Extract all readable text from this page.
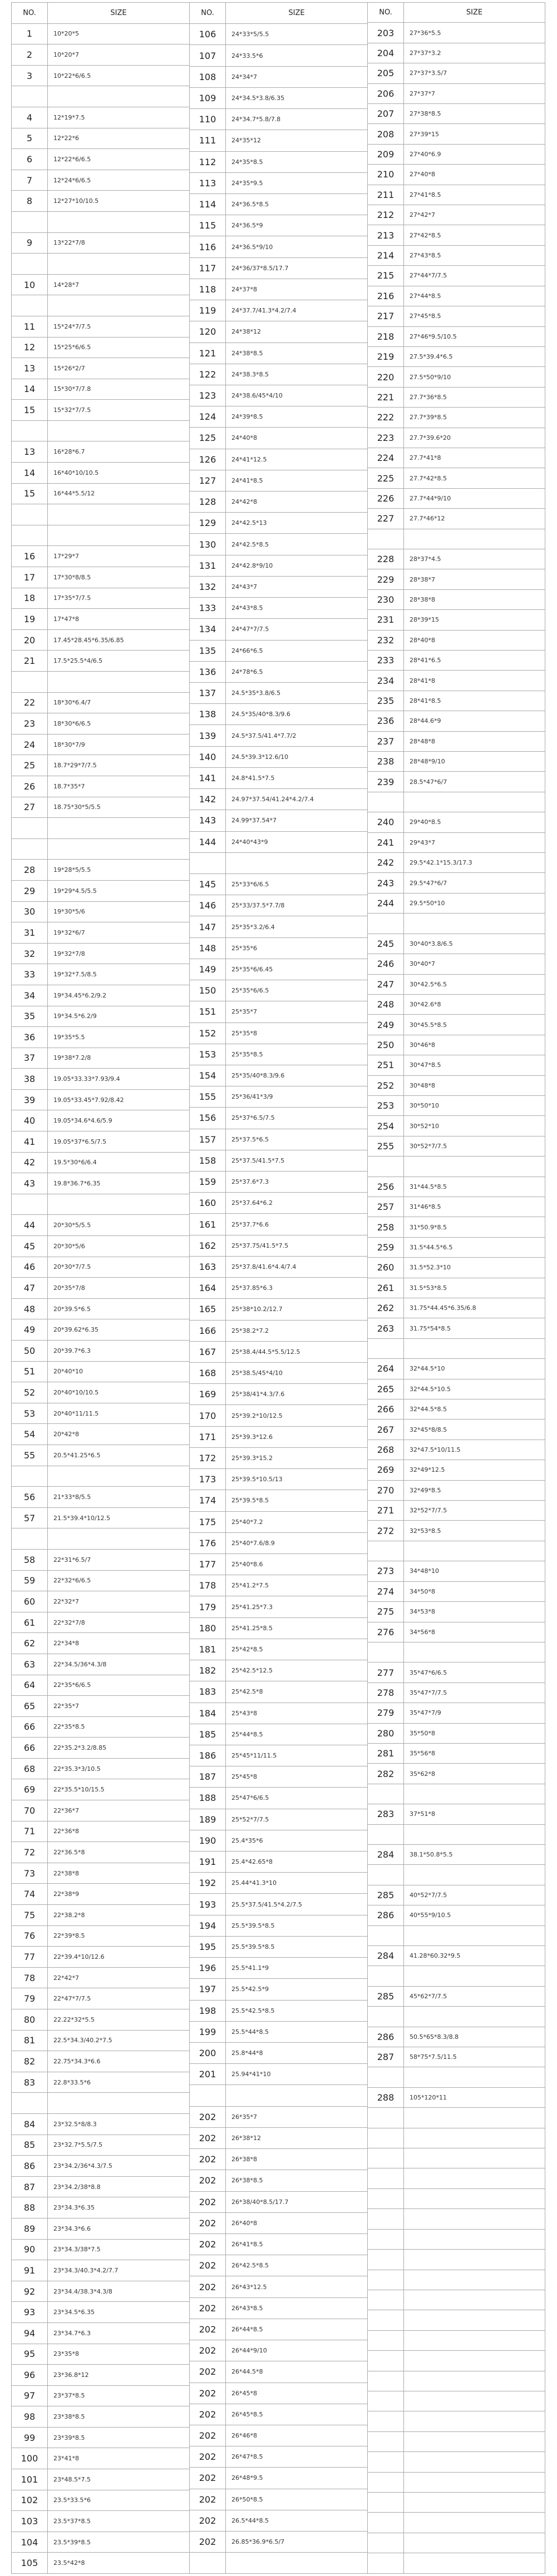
NO.	SIZE
1	10*20*5
2	10*20*7
3	10*22*6/6.5
4	12*19*7.5
5	12*22*6
6	12*22*6/6.5
7	12*24*6/6.5
8	12*27*10/10.5
9	13*22*7/8
10	14*28*7
11	15*24*7/7.5
12	15*25*6/6.5
13	15*26*2/7
14	15*30*7/7.8
15	15*32*7/7.5
13	16*28*6.7
14	16*40*10/10.5
15	16*44*5.5/12
16	17*29*7
17	17*30*8/8.5
18	17*35*7/7.5
19	17*47*8
20	17.45*28.45*6.35/6.85
21	17.5*25.5*4/6.5
22	18*30*6.4/7
23	18*30*6/6.5
24	18*30*7/9
25	18.7*29*7/7.5
26	18.7*35*7
27	18.75*30*5/5.5
28	19*28*5/5.5
29	19*29*4.5/5.5
30	19*30*5/6
31	19*32*6/7
32	19*32*7/8
33	19*32*7.5/8.5
34	19*34.45*6.2/9.2
35	19*34.5*6.2/9
36	19*35*5.5
37	19*38*7.2/8
38	19.05*33.33*7.93/9.4
39	19.05*33.45*7.92/8.42
40	19.05*34.6*4.6/5.9
41	19.05*37*6.5/7.5
42	19.5*30*6/6.4
43	19.8*36.7*6.35
44	20*30*5/5.5
45	20*30*5/6
46	20*30*7/7.5
47	20*35*7/8
48	20*39.5*6.5
49	20*39.62*6.35
50	20*39.7*6.3
51	20*40*10
52	20*40*10/10.5
53	20*40*11/11.5
54	20*42*8
55	20.5*41.25*6.5
56	21*33*8/5.5
57	21.5*39.4*10/12.5
58	22*31*6.5/7
59	22*32*6/6.5
60	22*32*7
61	22*32*7/8
62	22*34*8
63	22*34.5/36*4.3/8
64	22*35*6/6.5
65	22*35*7
66	22*35*8.5
66	22*35.2*3.2/8.85
68	22*35.3*3/10.5
69	22*35.5*10/15.5
70	22*36*7
71	22*36*8
72	22*36.5*8
73	22*38*8
74	22*38*9
75	22*38.2*8
76	22*39*8.5
77	22*39.4*10/12.6
78	22*42*7
79	22*47*7/7.5
80	22.22*32*5.5
81	22.5*34.3/40.2*7.5
82	22.75*34.3*6.6
83	22.8*33.5*6
84	23*32.5*8/8.3
85	23*32.7*5.5/7.5
86	23*34.2/36*4.3/7.5
87	23*34.2/38*8.8
88	23*34.3*6.35
89	23*34.3*6.6
90	23*34.3/38*7.5
91	23*34.3/40.3*4.2/7.7
92	23*34.4/38.3*4.3/8
93	23*34.5*6.35
94	23*34.7*6.3
95	23*35*8
96	23*36.8*12
97	23*37*8.5
98	23*38*8.5
99	23*39*8.5
100	23*41*8
101	23*48.5*7.5
102	23.5*33.5*6
103	23.5*37*8.5
104	23.5*39*8.5
105	23.5*42*8
NO.	SIZE
106	24*33*5/5.5
107	24*33.5*6
108	24*34*7
109	24*34.5*3.8/6.35
110	24*34.7*5.8/7.8
111	24*35*12
112	24*35*8.5
113	24*35*9.5
114	24*36.5*8.5
115	24*36.5*9
116	24*36.5*9/10
117	24*36/37*8.5/17.7
118	24*37*8
119	24*37.7/41.3*4.2/7.4
120	24*38*12
121	24*38*8.5
122	24*38.3*8.5
123	24*38.6/45*4/10
124	24*39*8.5
125	24*40*8
126	24*41*12.5
127	24*41*8.5
128	24*42*8
129	24*42.5*13
130	24*42.5*8.5
131	24*42.8*9/10
132	24*43*7
133	24*43*8.5
134	24*47*7/7.5
135	24*66*6.5
136	24*78*6.5
137	24.5*35*3.8/6.5
138	24.5*35/40*8.3/9.6
139	24.5*37.5/41.4*7.7/2
140	24.5*39.3*12.6/10
141	24.8*41.5*7.5
142	24.97*37.54/41.24*4.2/7.4
143	24.99*37.54*7
144	24*40*43*9
145	25*33*6/6.5
146	25*33/37.5*7.7/8
147	25*35*3.2/6.4
148	25*35*6
149	25*35*6/6.45
150	25*35*6/6.5
151	25*35*7
152	25*35*8
153	25*35*8.5
154	25*35/40*8.3/9.6
155	25*36/41*3/9
156	25*37*6.5/7.5
157	25*37.5*6.5
158	25*37.5/41.5*7.5
159	25*37.6*7.3
160	25*37.64*6.2
161	25*37.7*6.6
162	25*37.75/41.5*7.5
163	25*37.8/41.6*4.4/7.4
164	25*37.85*6.3
165	25*38*10.2/12.7
166	25*38.2*7.2
167	25*38.4/44.5*5.5/12.5
168	25*38.5/45*4/10
169	25*38/41*4.3/7.6
170	25*39.2*10/12.5
171	25*39.3*12.6
172	25*39.3*15.2
173	25*39.5*10.5/13
174	25*39.5*8.5
175	25*40*7.2
176	25*40*7.6/8.9
177	25*40*8.6
178	25*41.2*7.5
179	25*41.25*7.3
180	25*41.25*8.5
181	25*42*8.5
182	25*42.5*12.5
183	25*42.5*8
184	25*43*8
185	25*44*8.5
186	25*45*11/11.5
187	25*45*8
188	25*47*6/6.5
189	25*52*7/7.5
190	25.4*35*6
191	25.4*42.65*8
192	25.44*41.3*10
193	25.5*37.5/41.5*4.2/7.5
194	25.5*39.5*8.5
195	25.5*39.5*8.5
196	25.5*41.1*9
197	25.5*42.5*9
198	25.5*42.5*8.5
199	25.5*44*8.5
200	25.8*44*8
201	25.94*41*10
202	26*35*7
202	26*38*12
202	26*38*8
202	26*38*8.5
202	26*38/40*8.5/17.7
202	26*40*8
202	26*41*8.5
202	26*42.5*8.5
202	26*43*12.5
202	26*43*8.5
202	26*44*8.5
202	26*44*9/10
202	26*44.5*8
202	26*45*8
202	26*45*8.5
202	26*46*8
202	26*47*8.5
202	26*48*9.5
202	26*50*8.5
202	26.5*44*8.5
202	26.85*36.9*6.5/7
NO.	SIZE
203	27*36*5.5
204	27*37*3.2
205	27*37*3.5/7
206	27*37*7
207	27*38*8.5
208	27*39*15
209	27*40*6.9
210	27*40*8
211	27*41*8.5
212	27*42*7
213	27*42*8.5
214	27*43*8.5
215	27*44*7/7.5
216	27*44*8.5
217	27*45*8.5
218	27*46*9.5/10.5
219	27.5*39.4*6.5
220	27.5*50*9/10
221	27.7*36*8.5
222	27.7*39*8.5
223	27.7*39.6*20
224	27.7*41*8
225	27.7*42*8.5
226	27.7*44*9/10
227	27.7*46*12
228	28*37*4.5
229	28*38*7
230	28*38*8
231	28*39*15
232	28*40*8
233	28*41*6.5
234	28*41*8
235	28*41*8.5
236	28*44.6*9
237	28*48*8
238	28*48*9/10
239	28.5*47*6/7
240	29*40*8.5
241	29*43*7
242	29.5*42.1*15.3/17.3
243	29.5*47*6/7
244	29.5*50*10
245	30*40*3.8/6.5
246	30*40*7
247	30*42.5*6.5
248	30*42.6*8
249	30*45.5*8.5
250	30*46*8
251	30*47*8.5
252	30*48*8
253	30*50*10
254	30*52*10
255	30*52*7/7.5
256	31*44.5*8.5
257	31*46*8.5
258	31*50.9*8.5
259	31.5*44.5*6.5
260	31.5*52.3*10
261	31.5*53*8.5
262	31.75*44.45*6.35/6.8
263	31.75*54*8.5
264	32*44.5*10
265	32*44.5*10.5
266	32*44.5*8.5
267	32*45*8/8.5
268	32*47.5*10/11.5
269	32*49*12.5
270	32*49*8.5
271	32*52*7/7.5
272	32*53*8.5
273	34*48*10
274	34*50*8
275	34*53*8
276	34*56*8
277	35*47*6/6.5
278	35*47*7/7.5
279	35*47*7/9
280	35*50*8
281	35*56*8
282	35*62*8
283	37*51*8
284	38.1*50.8*5.5
285	40*52*7/7.5
286	40*55*9/10.5
284	41.28*60.32*9.5
285	45*62*7/7.5
286	50.5*65*8.3/8.8
287	58*75*7.5/11.5
288	105*120*11
